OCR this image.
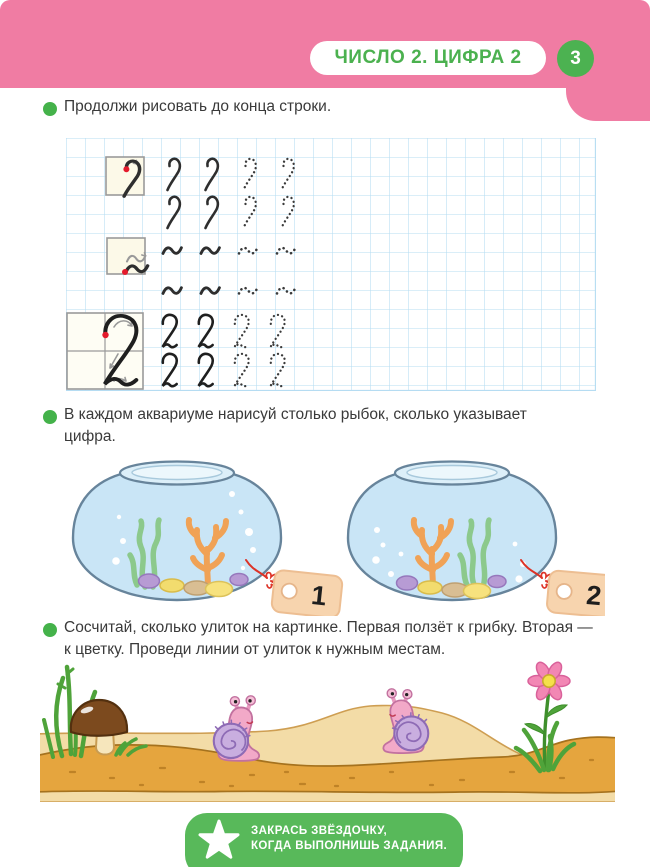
ЧИСЛО 2. ЦИФРА 2	3
Продолжи рисовать до конца строки.
В каждом аквариуме нарисуй столько рыбок, сколько указывает
цифра.
1	2
Сосчитай, сколько улиток на картинке. Первая ползёт к грибку. Вторая —
к цветку. Проведи линии от улиток к нужным местам.
ЗАКРАСЬ ЗВЁЗДОЧКУ,
КОГДА ВЫПОЛНИШЬ ЗАДАНИЯ.
